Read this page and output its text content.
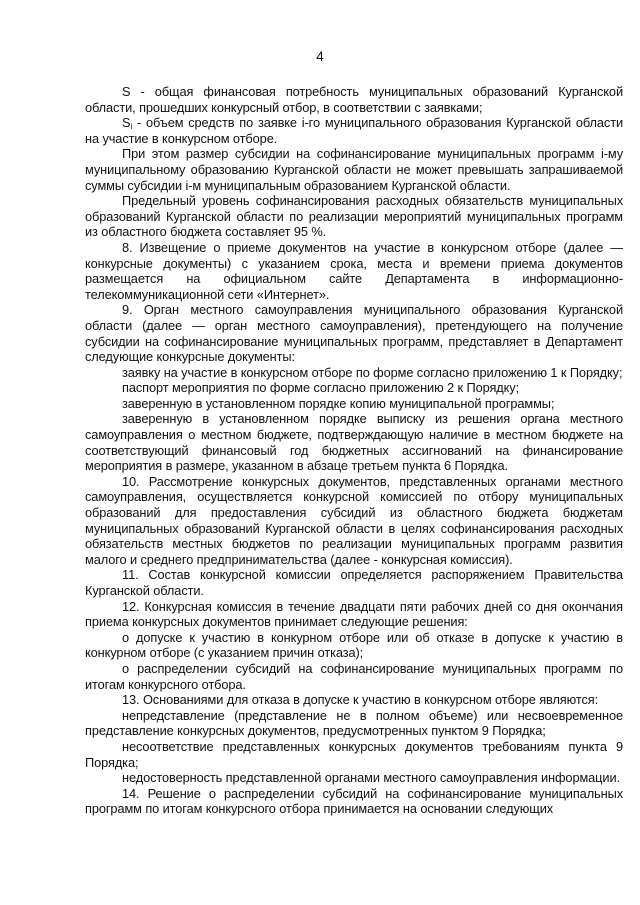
4

S - общая финансовая потребность муниципальных образований Курганской области, прошедших конкурсный отбор, в соответствии с заявками;

$S_i$ - объем средств по заявке i-го муниципального образования Курганской области на участие в конкурсном отборе.

При этом размер субсидии на софинансирование муниципальных программ i-му муниципальному образованию Курганской области не может превышать запрашиваемой суммы субсидии i-м муниципальным образованием Курганской области.

Предельный уровень софинансирования расходных обязательств муниципальных образований Курганской области по реализации мероприятий муниципальных программ из областного бюджета составляет 95 %.

8. Извещение о приеме документов на участие в конкурсном отборе (далее — конкурсные документы) с указанием срока, места и времени приема документов размещается на официальном сайте Департамента в информационно-телекоммуникационной сети «Интернет».

9. Орган местного самоуправления муниципального образования Курганской области (далее — орган местного самоуправления), претендующего на получение субсидии на софинансирование муниципальных программ, представляет в Департамент следующие конкурсные документы:

заявку на участие в конкурсном отборе по форме согласно приложению 1 к Порядку;

паспорт мероприятия по форме согласно приложению 2 к Порядку;

заверенную в установленном порядке копию муниципальной программы;

заверенную в установленном порядке выписку из решения органа местного самоуправления о местном бюджете, подтверждающую наличие в местном бюджете на соответствующий финансовый год бюджетных ассигнований на финансирование мероприятия в размере, указанном в абзаце третьем пункта 6 Порядка.

10. Рассмотрение конкурсных документов, представленных органами местного самоуправления, осуществляется конкурсной комиссией по отбору муниципальных образований для предоставления субсидий из областного бюджета бюджетам муниципальных образований Курганской области в целях софинансирования расходных обязательств местных бюджетов по реализации муниципальных программ развития малого и среднего предпринимательства (далее - конкурсная комиссия).

11. Состав конкурсной комиссии определяется распоряжением Правительства Курганской области.

12. Конкурсная комиссия в течение двадцати пяти рабочих дней со дня окончания приема конкурсных документов принимает следующие решения:

о допуске к участию в конкурном отборе или об отказе в допуске к участию в конкурном отборе (с указанием причин отказа);

о распределении субсидий на софинансирование муниципальных программ по итогам конкурсного отбора.

13. Основаниями для отказа в допуске к участию в конкурсном отборе являются:

непредставление (представление не в полном объеме) или несвоевременное представление конкурсных документов, предусмотренных пунктом 9 Порядка;

несоответствие представленных конкурсных документов требованиям пункта 9 Порядка;

недостоверность представленной органами местного самоуправления информации.

14. Решение о распределении субсидий на софинансирование муниципальных программ по итогам конкурсного отбора принимается на основании следующих
